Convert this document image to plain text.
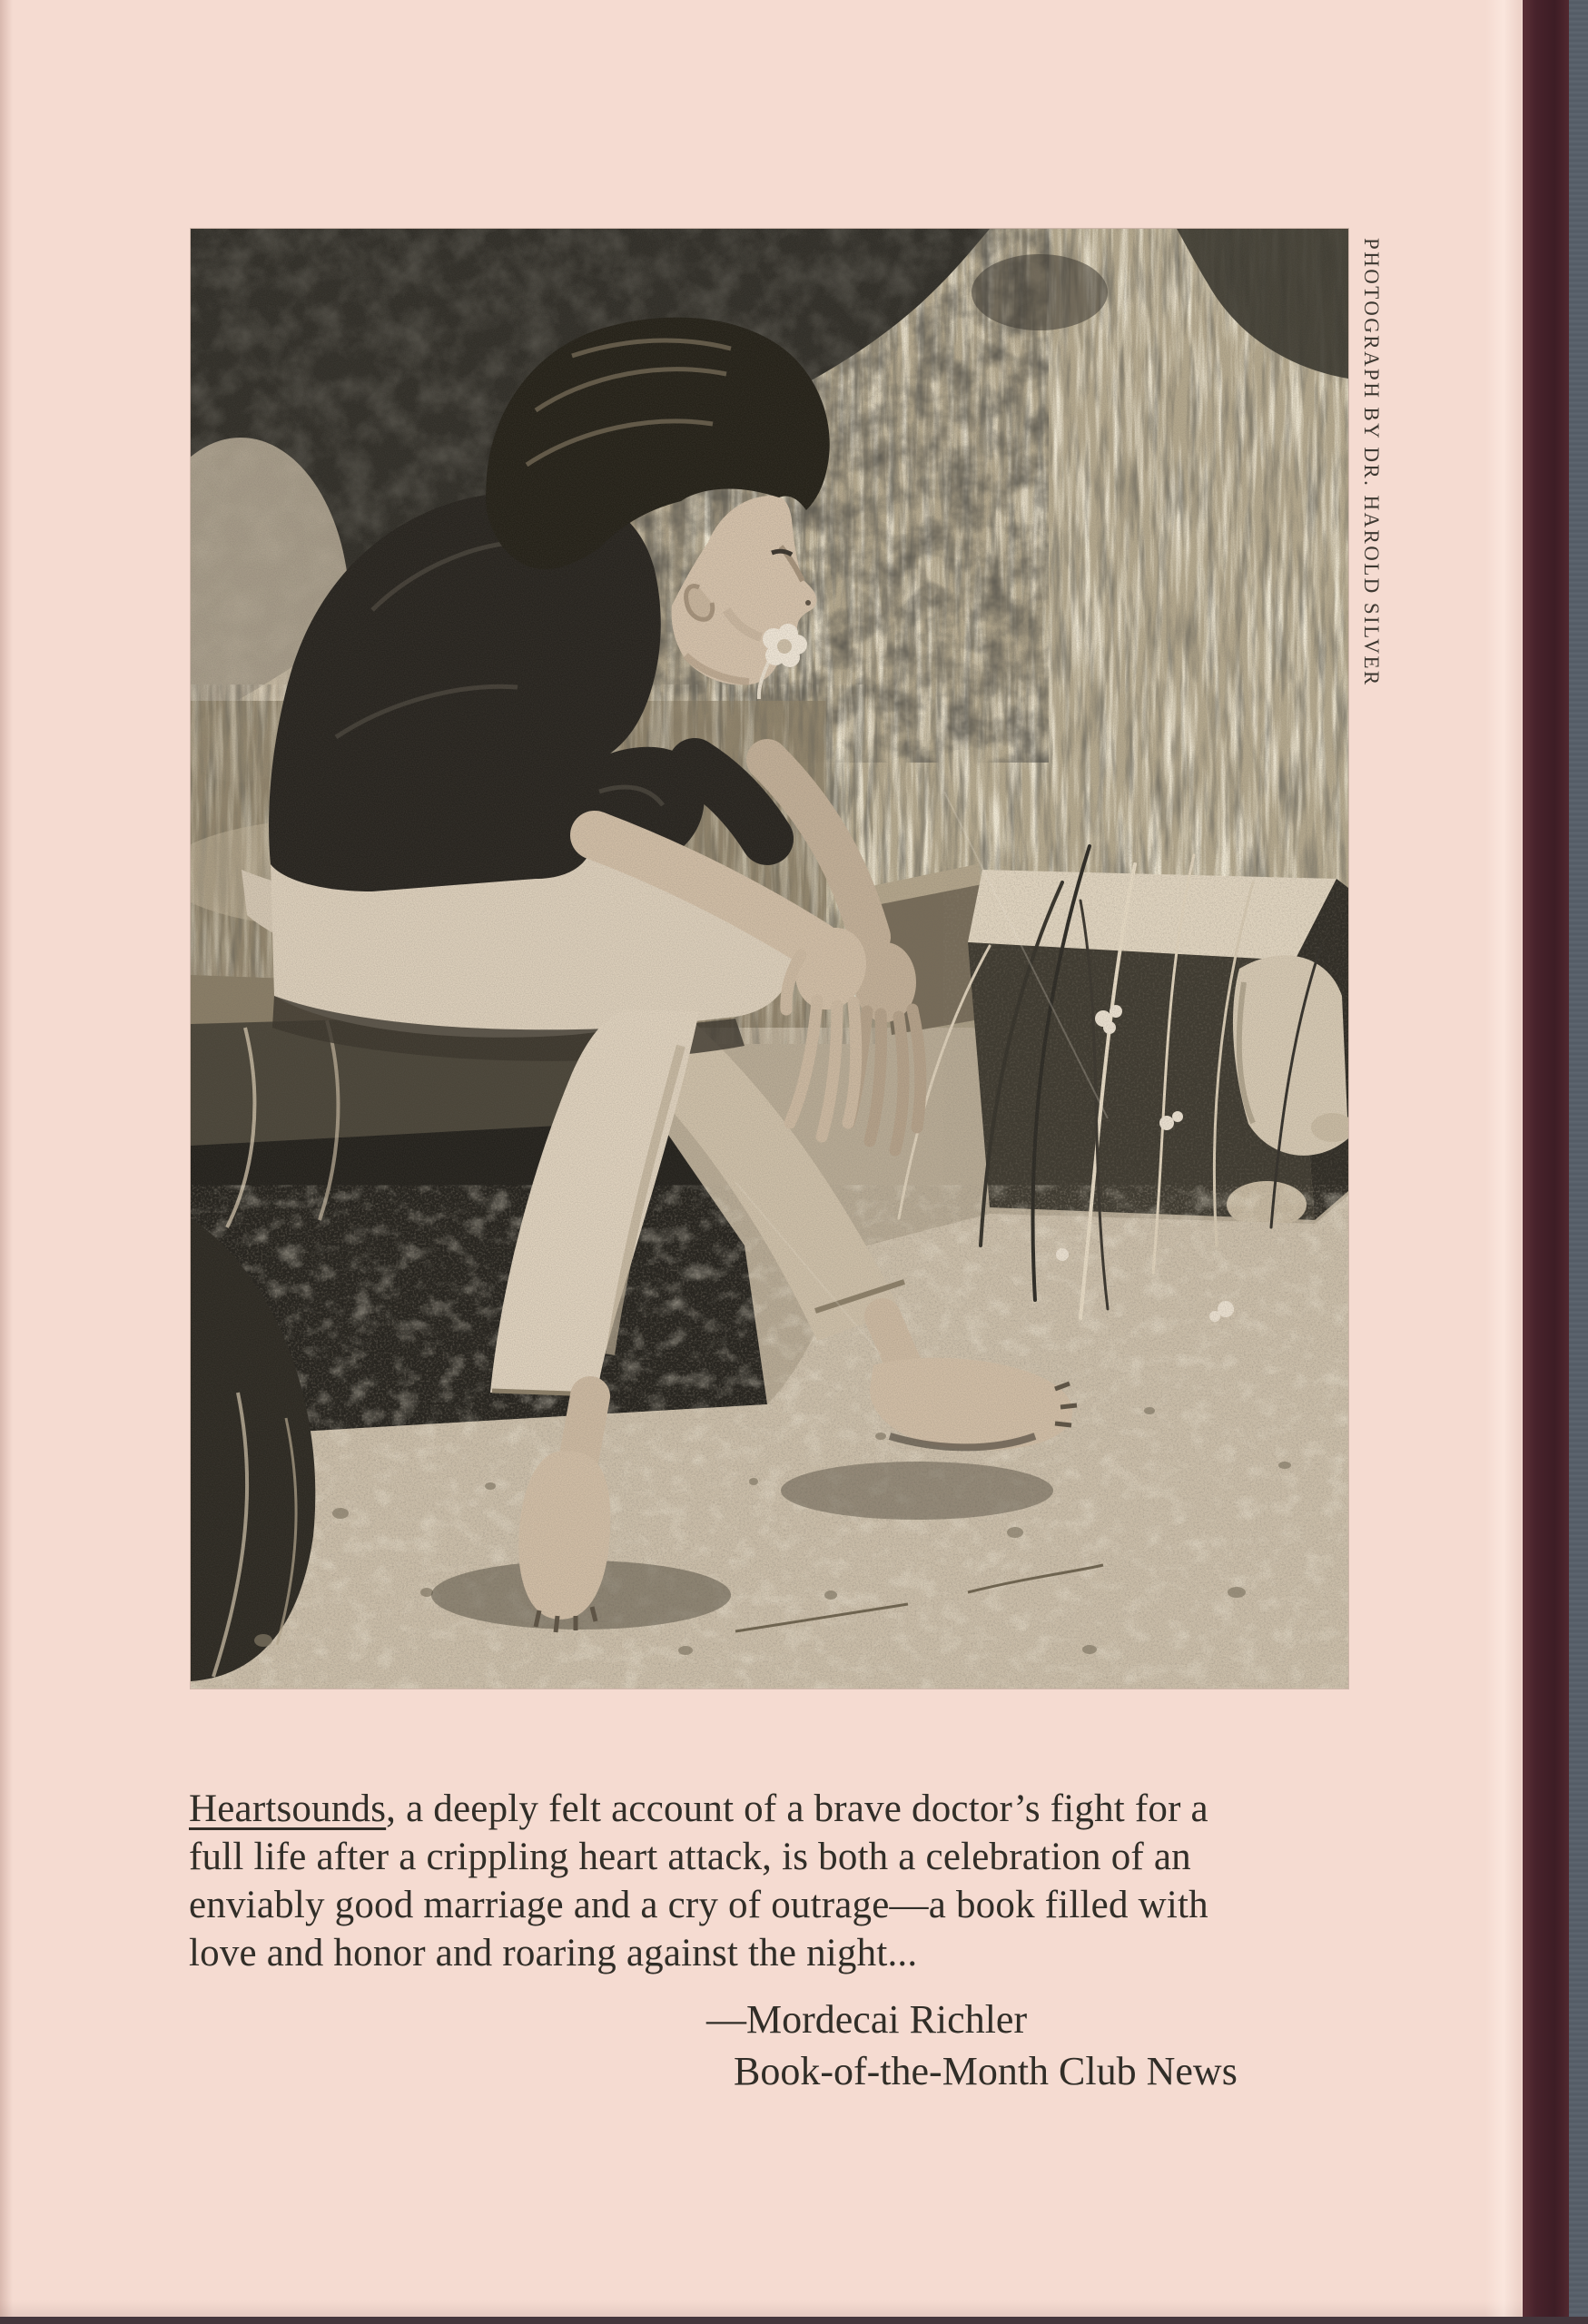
PHOTOGRAPH BY DR. HAROLD SILVER
Heartsounds, a deeply felt account of a brave doctor’s fight for a
full life after a crippling heart attack, is both a celebration of an
enviably good marriage and a cry of outrage—a book filled with
love and honor and roaring against the night...
—Mordecai Richler
Book-of-the-Month Club News
